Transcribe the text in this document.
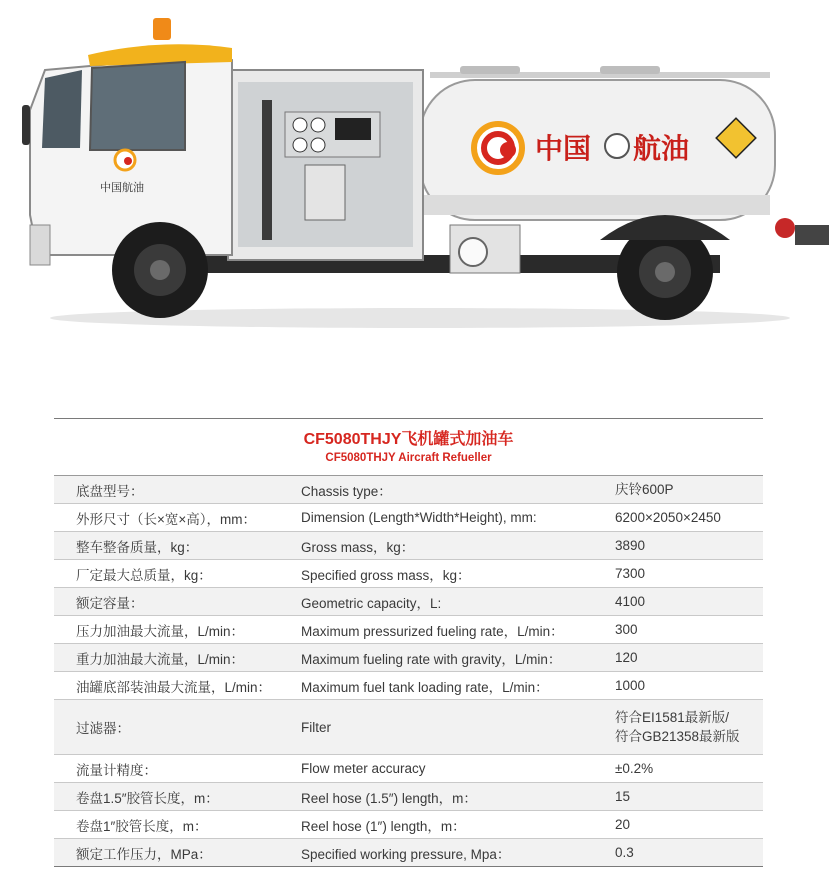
中国 航油
中国航油
CF5080THJY飞机罐式加油车
CF5080THJY Aircraft Refueller
底盘型号：	Chassis type：	庆铃600P
外形尺寸（长×宽×高），mm：	Dimension (Length*Width*Height), mm:	6200×2050×2450
整车整备质量，kg：	Gross mass，kg：	3890
厂定最大总质量，kg：	Specified gross mass，kg：	7300
额定容量：	Geometric capacity，L:	4100
压力加油最大流量，L/min：	Maximum pressurized fueling rate，L/min：	300
重力加油最大流量，L/min：	Maximum fueling rate with gravity，L/min：	120
油罐底部装油最大流量，L/min：	Maximum fuel tank loading rate，L/min：	1000
过滤器：	Filter	符合EI1581最新版/
符合GB21358最新版

流量计精度：	Flow meter accuracy	±0.2%
卷盘1.5″胶管长度，m：	Reel hose (1.5″) length，m：	15
卷盘1″胶管长度，m：	Reel hose (1″) length，m：	20
额定工作压力，MPa：	Specified working pressure, Mpa：	0.3
